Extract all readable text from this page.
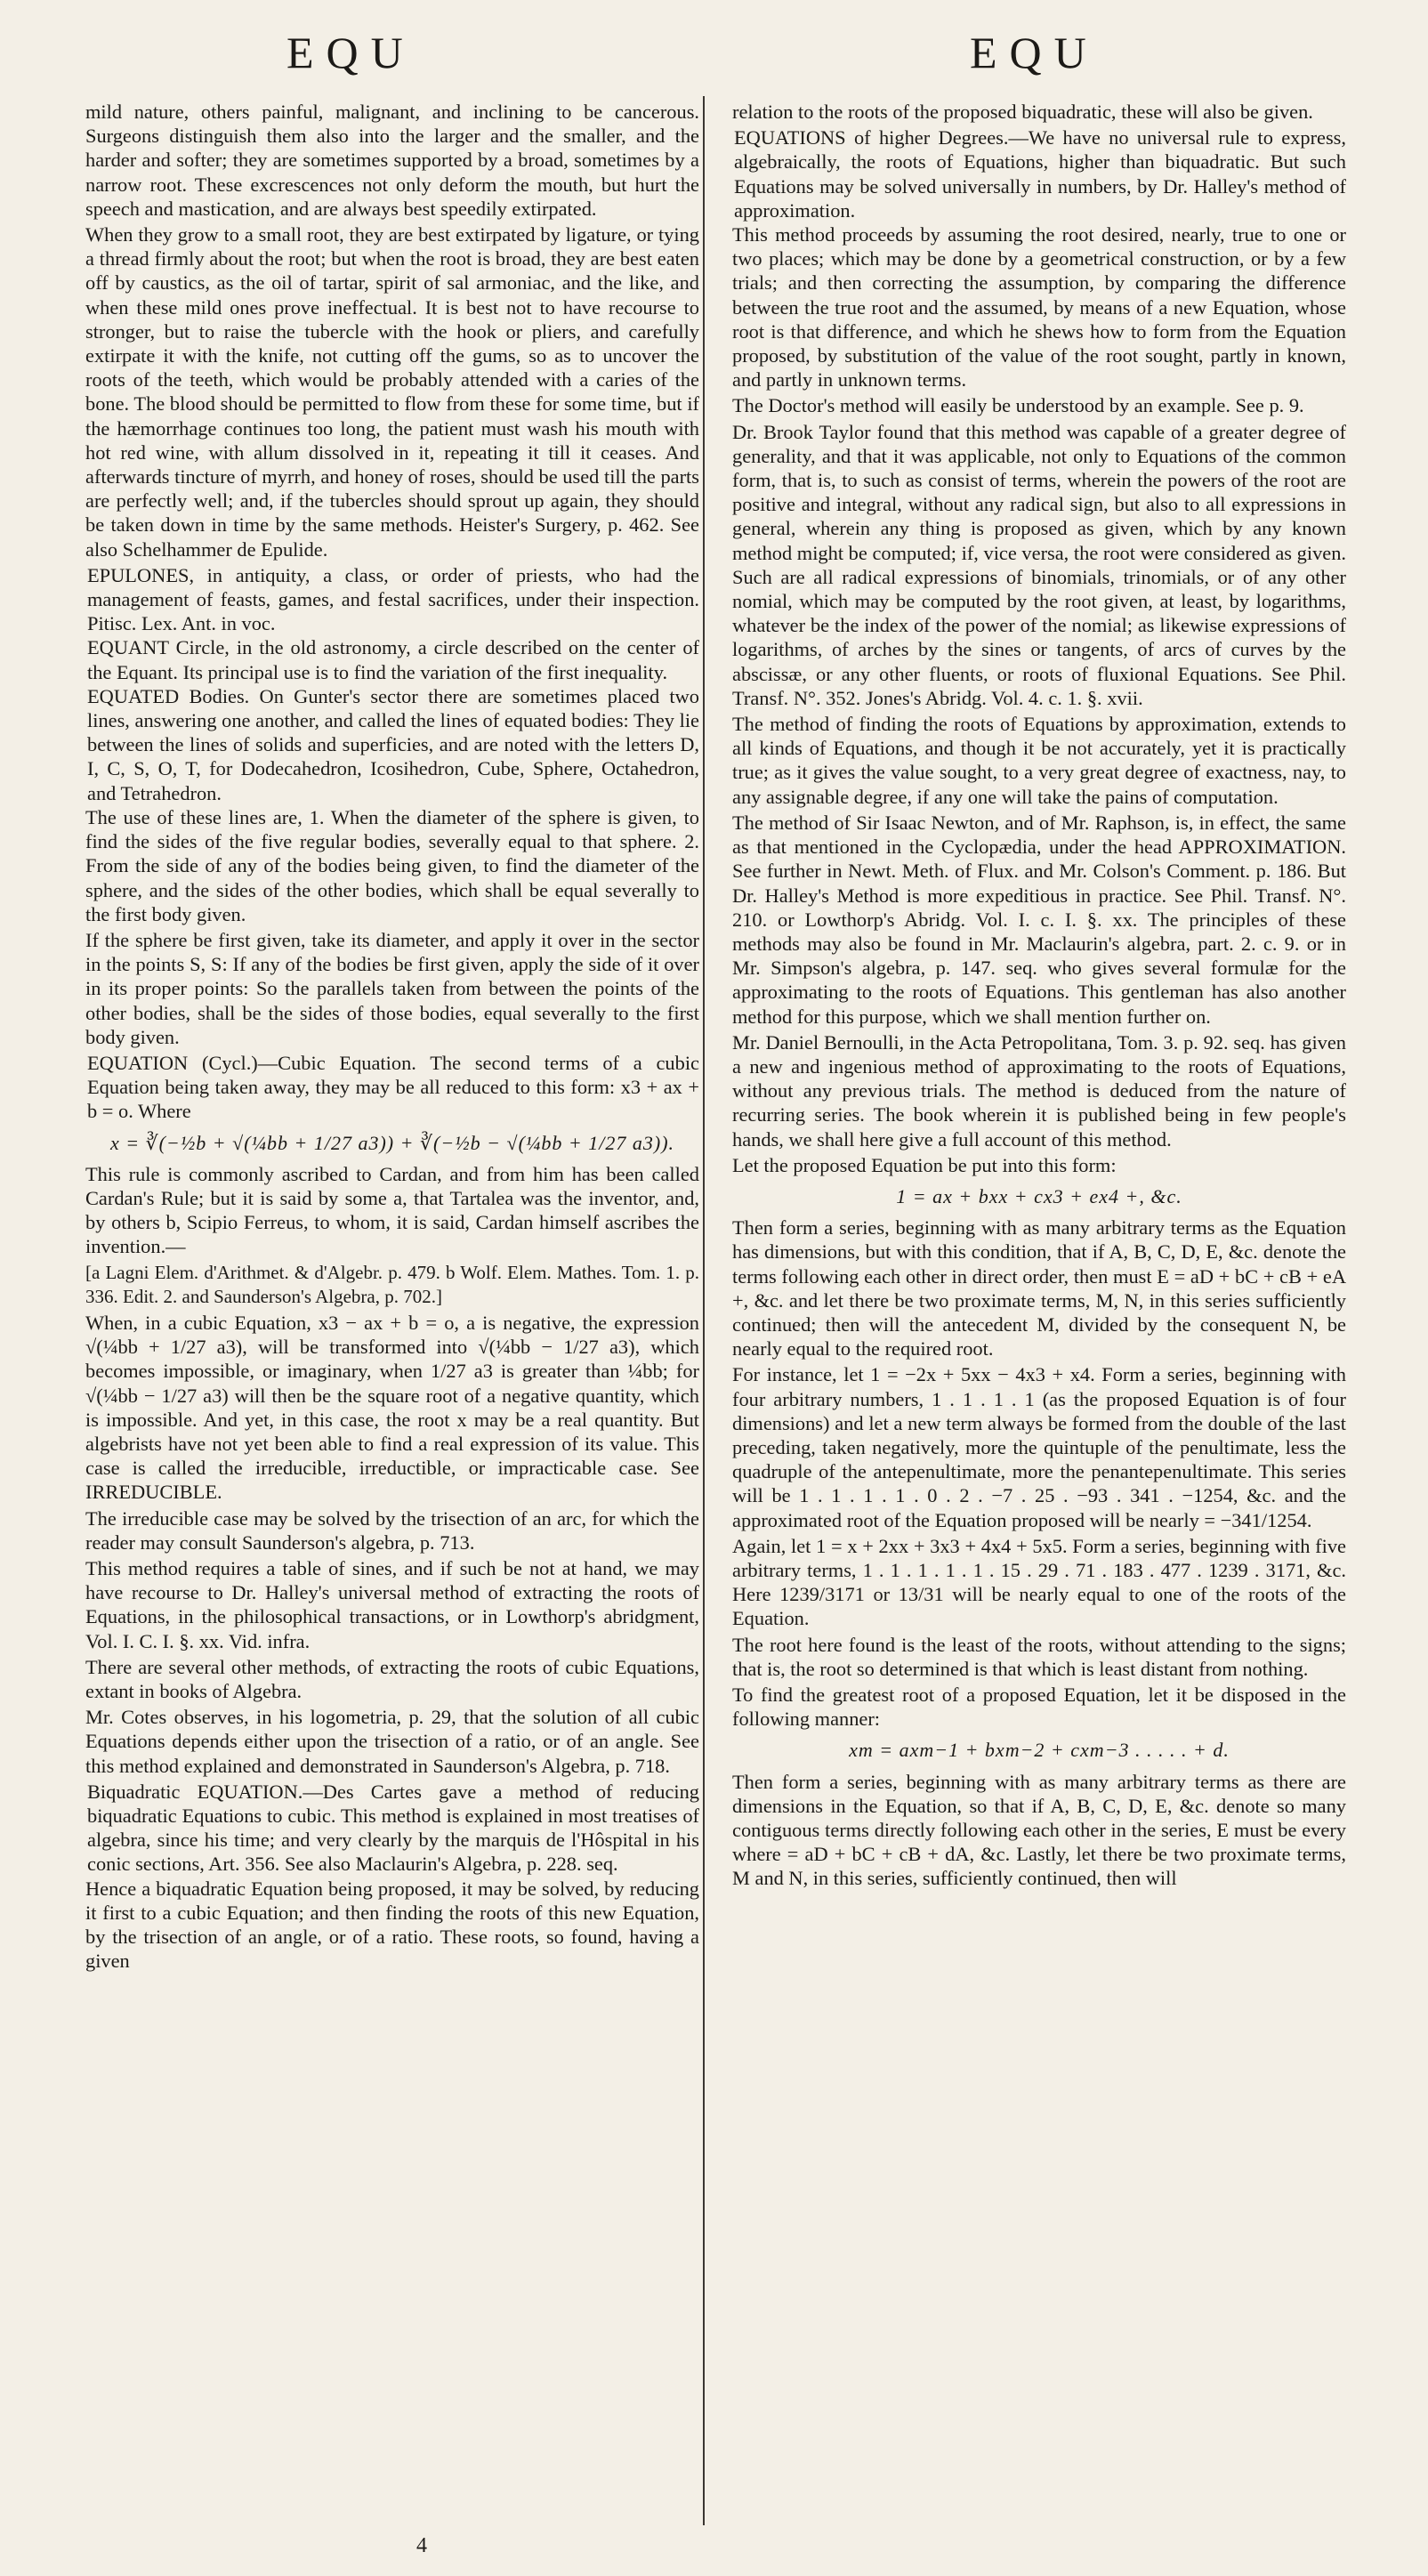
EQU	EQU

mild nature, others painful, malignant, and inclining to be cancerous. Surgeons distinguish them also into the larger and the smaller, and the harder and softer; they are sometimes supported by a broad, sometimes by a narrow root. These excrescences not only deform the mouth, but hurt the speech and mastication, and are always best speedily extirpated.

When they grow to a small root, they are best extirpated by ligature, or tying a thread firmly about the root; but when the root is broad, they are best eaten off by caustics, as the oil of tartar, spirit of sal armoniac, and the like, and when these mild ones prove ineffectual. It is best not to have recourse to stronger, but to raise the tubercle with the hook or pliers, and carefully extirpate it with the knife, not cutting off the gums, so as to uncover the roots of the teeth, which would be probably attended with a caries of the bone. The blood should be permitted to flow from these for some time, but if the hæmorrhage continues too long, the patient must wash his mouth with hot red wine, with allum dissolved in it, repeating it till it ceases. And afterwards tincture of myrrh, and honey of roses, should be used till the parts are perfectly well; and, if the tubercles should sprout up again, they should be taken down in time by the same methods. Heister's Surgery, p. 462. See also Schelhammer de Epulide.

EPULONES, in antiquity, a class, or order of priests, who had the management of feasts, games, and festal sacrifices, under their inspection. Pitisc. Lex. Ant. in voc.

EQUANT Circle, in the old astronomy, a circle described on the center of the Equant. Its principal use is to find the variation of the first inequality.

EQUATED Bodies. On Gunter's sector there are sometimes placed two lines, answering one another, and called the lines of equated bodies: They lie between the lines of solids and superficies, and are noted with the letters D, I, C, S, O, T, for Dodecahedron, Icosihedron, Cube, Sphere, Octahedron, and Tetrahedron.

The use of these lines are, 1. When the diameter of the sphere is given, to find the sides of the five regular bodies, severally equal to that sphere. 2. From the side of any of the bodies being given, to find the diameter of the sphere, and the sides of the other bodies, which shall be equal severally to the first body given.

If the sphere be first given, take its diameter, and apply it over in the sector in the points S, S: If any of the bodies be first given, apply the side of it over in its proper points: So the parallels taken from between the points of the other bodies, shall be the sides of those bodies, equal severally to the first body given.

EQUATION (Cycl.)—Cubic Equation. The second terms of a cubic Equation being taken away, they may be all reduced to this form: x3 + ax + b = o. Where

x = ∛(−½b + √(¼bb + 1/27 a3)) + ∛(−½b − √(¼bb + 1/27 a3)).

This rule is commonly ascribed to Cardan, and from him has been called Cardan's Rule; but it is said by some a, that Tartalea was the inventor, and, by others b, Scipio Ferreus, to whom, it is said, Cardan himself ascribes the invention.—

[a Lagni Elem. d'Arithmet. & d'Algebr. p. 479. b Wolf. Elem. Mathes. Tom. 1. p. 336. Edit. 2. and Saunderson's Algebra, p. 702.]

When, in a cubic Equation, x3 − ax + b = o, a is negative, the expression √(¼bb + 1/27 a3), will be transformed into √(¼bb − 1/27 a3), which becomes impossible, or imaginary, when 1/27 a3 is greater than ¼bb; for √(¼bb − 1/27 a3) will then be the square root of a negative quantity, which is impossible. And yet, in this case, the root x may be a real quantity. But algebrists have not yet been able to find a real expression of its value. This case is called the irreducible, irreductible, or impracticable case. See IRREDUCIBLE.

The irreducible case may be solved by the trisection of an arc, for which the reader may consult Saunderson's algebra, p. 713.

This method requires a table of sines, and if such be not at hand, we may have recourse to Dr. Halley's universal method of extracting the roots of Equations, in the philosophical transactions, or in Lowthorp's abridgment, Vol. I. C. I. §. xx. Vid. infra.

There are several other methods, of extracting the roots of cubic Equations, extant in books of Algebra.

Mr. Cotes observes, in his logometria, p. 29, that the solution of all cubic Equations depends either upon the trisection of a ratio, or of an angle. See this method explained and demonstrated in Saunderson's Algebra, p. 718.

Biquadratic EQUATION.—Des Cartes gave a method of reducing biquadratic Equations to cubic. This method is explained in most treatises of algebra, since his time; and very clearly by the marquis de l'Hôspital in his conic sections, Art. 356. See also Maclaurin's Algebra, p. 228. seq.

Hence a biquadratic Equation being proposed, it may be solved, by reducing it first to a cubic Equation; and then finding the roots of this new Equation, by the trisection of an angle, or of a ratio. These roots, so found, having a given

relation to the roots of the proposed biquadratic, these will also be given.

EQUATIONS of higher Degrees.—We have no universal rule to express, algebraically, the roots of Equations, higher than biquadratic. But such Equations may be solved universally in numbers, by Dr. Halley's method of approximation.

This method proceeds by assuming the root desired, nearly, true to one or two places; which may be done by a geometrical construction, or by a few trials; and then correcting the assumption, by comparing the difference between the true root and the assumed, by means of a new Equation, whose root is that difference, and which he shews how to form from the Equation proposed, by substitution of the value of the root sought, partly in known, and partly in unknown terms.

The Doctor's method will easily be understood by an example. See p. 9.

Dr. Brook Taylor found that this method was capable of a greater degree of generality, and that it was applicable, not only to Equations of the common form, that is, to such as consist of terms, wherein the powers of the root are positive and integral, without any radical sign, but also to all expressions in general, wherein any thing is proposed as given, which by any known method might be computed; if, vice versa, the root were considered as given. Such are all radical expressions of binomials, trinomials, or of any other nomial, which may be computed by the root given, at least, by logarithms, whatever be the index of the power of the nomial; as likewise expressions of logarithms, of arches by the sines or tangents, of arcs of curves by the abscissæ, or any other fluents, or roots of fluxional Equations. See Phil. Transf. N°. 352. Jones's Abridg. Vol. 4. c. 1. §. xvii.

The method of finding the roots of Equations by approximation, extends to all kinds of Equations, and though it be not accurately, yet it is practically true; as it gives the value sought, to a very great degree of exactness, nay, to any assignable degree, if any one will take the pains of computation.

The method of Sir Isaac Newton, and of Mr. Raphson, is, in effect, the same as that mentioned in the Cyclopædia, under the head APPROXIMATION. See further in Newt. Meth. of Flux. and Mr. Colson's Comment. p. 186. But Dr. Halley's Method is more expeditious in practice. See Phil. Transf. N°. 210. or Lowthorp's Abridg. Vol. I. c. I. §. xx. The principles of these methods may also be found in Mr. Maclaurin's algebra, part. 2. c. 9. or in Mr. Simpson's algebra, p. 147. seq. who gives several formulæ for the approximating to the roots of Equations. This gentleman has also another method for this purpose, which we shall mention further on.

Mr. Daniel Bernoulli, in the Acta Petropolitana, Tom. 3. p. 92. seq. has given a new and ingenious method of approximating to the roots of Equations, without any previous trials. The method is deduced from the nature of recurring series. The book wherein it is published being in few people's hands, we shall here give a full account of this method.

Let the proposed Equation be put into this form:

1 = ax + bxx + cx3 + ex4 +, &c.

Then form a series, beginning with as many arbitrary terms as the Equation has dimensions, but with this condition, that if A, B, C, D, E, &c. denote the terms following each other in direct order, then must E = aD + bC + cB + eA +, &c. and let there be two proximate terms, M, N, in this series sufficiently continued; then will the antecedent M, divided by the consequent N, be nearly equal to the required root.

For instance, let 1 = −2x + 5xx − 4x3 + x4. Form a series, beginning with four arbitrary numbers, 1 . 1 . 1 . 1 (as the proposed Equation is of four dimensions) and let a new term always be formed from the double of the last preceding, taken negatively, more the quintuple of the penultimate, less the quadruple of the antepenultimate, more the penantepenultimate. This series will be 1 . 1 . 1 . 1 . 0 . 2 . −7 . 25 . −93 . 341 . −1254, &c. and the approximated root of the Equation proposed will be nearly = −341/1254.

Again, let 1 = x + 2xx + 3x3 + 4x4 + 5x5. Form a series, beginning with five arbitrary terms, 1 . 1 . 1 . 1 . 1 . 15 . 29 . 71 . 183 . 477 . 1239 . 3171, &c. Here 1239/3171 or 13/31 will be nearly equal to one of the roots of the Equation.

The root here found is the least of the roots, without attending to the signs; that is, the root so determined is that which is least distant from nothing.

To find the greatest root of a proposed Equation, let it be disposed in the following manner:

xm = axm−1 + bxm−2 + cxm−3 . . . . . + d.

Then form a series, beginning with as many arbitrary terms as there are dimensions in the Equation, so that if A, B, C, D, E, &c. denote so many contiguous terms directly following each other in the series, E must be every where = aD + bC + cB + dA, &c. Lastly, let there be two proximate terms, M and N, in this series, sufficiently continued, then will

4
